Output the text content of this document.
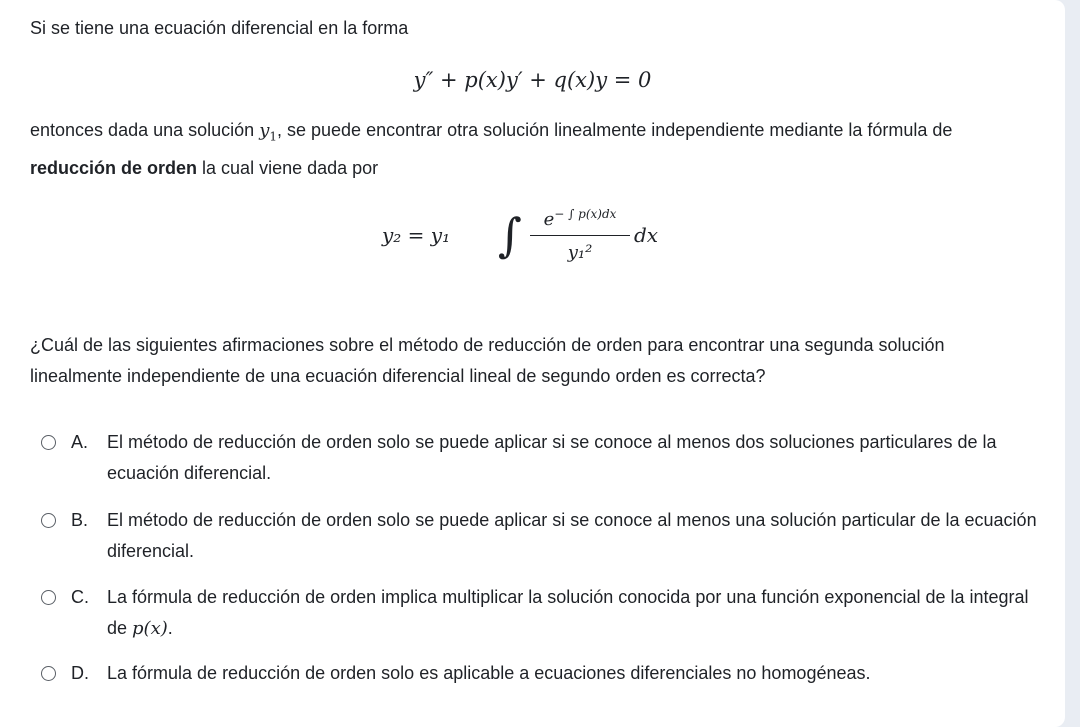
Si se tiene una ecuación diferencial en la forma

y″ + p(x)y′ + q(x)y = 0

entonces dada una solución $y_1$, se puede encontrar otra solución linealmente independiente mediante la fórmula de reducción de orden la cual viene dada por

y₂ = y₁ ∫	$e^{- \int p(x)dx}$
y₁²
dx

¿Cuál de las siguientes afirmaciones sobre el método de reducción de orden para encontrar una segunda solución linealmente independiente de una ecuación diferencial lineal de segundo orden es correcta?

A. El método de reducción de orden solo se puede aplicar si se conoce al menos dos soluciones particulares de la ecuación diferencial.
B. El método de reducción de orden solo se puede aplicar si se conoce al menos una solución particular de la ecuación diferencial.
C. La fórmula de reducción de orden implica multiplicar la solución conocida por una función exponencial de la integral de p(x).
D. La fórmula de reducción de orden solo es aplicable a ecuaciones diferenciales no homogéneas.
